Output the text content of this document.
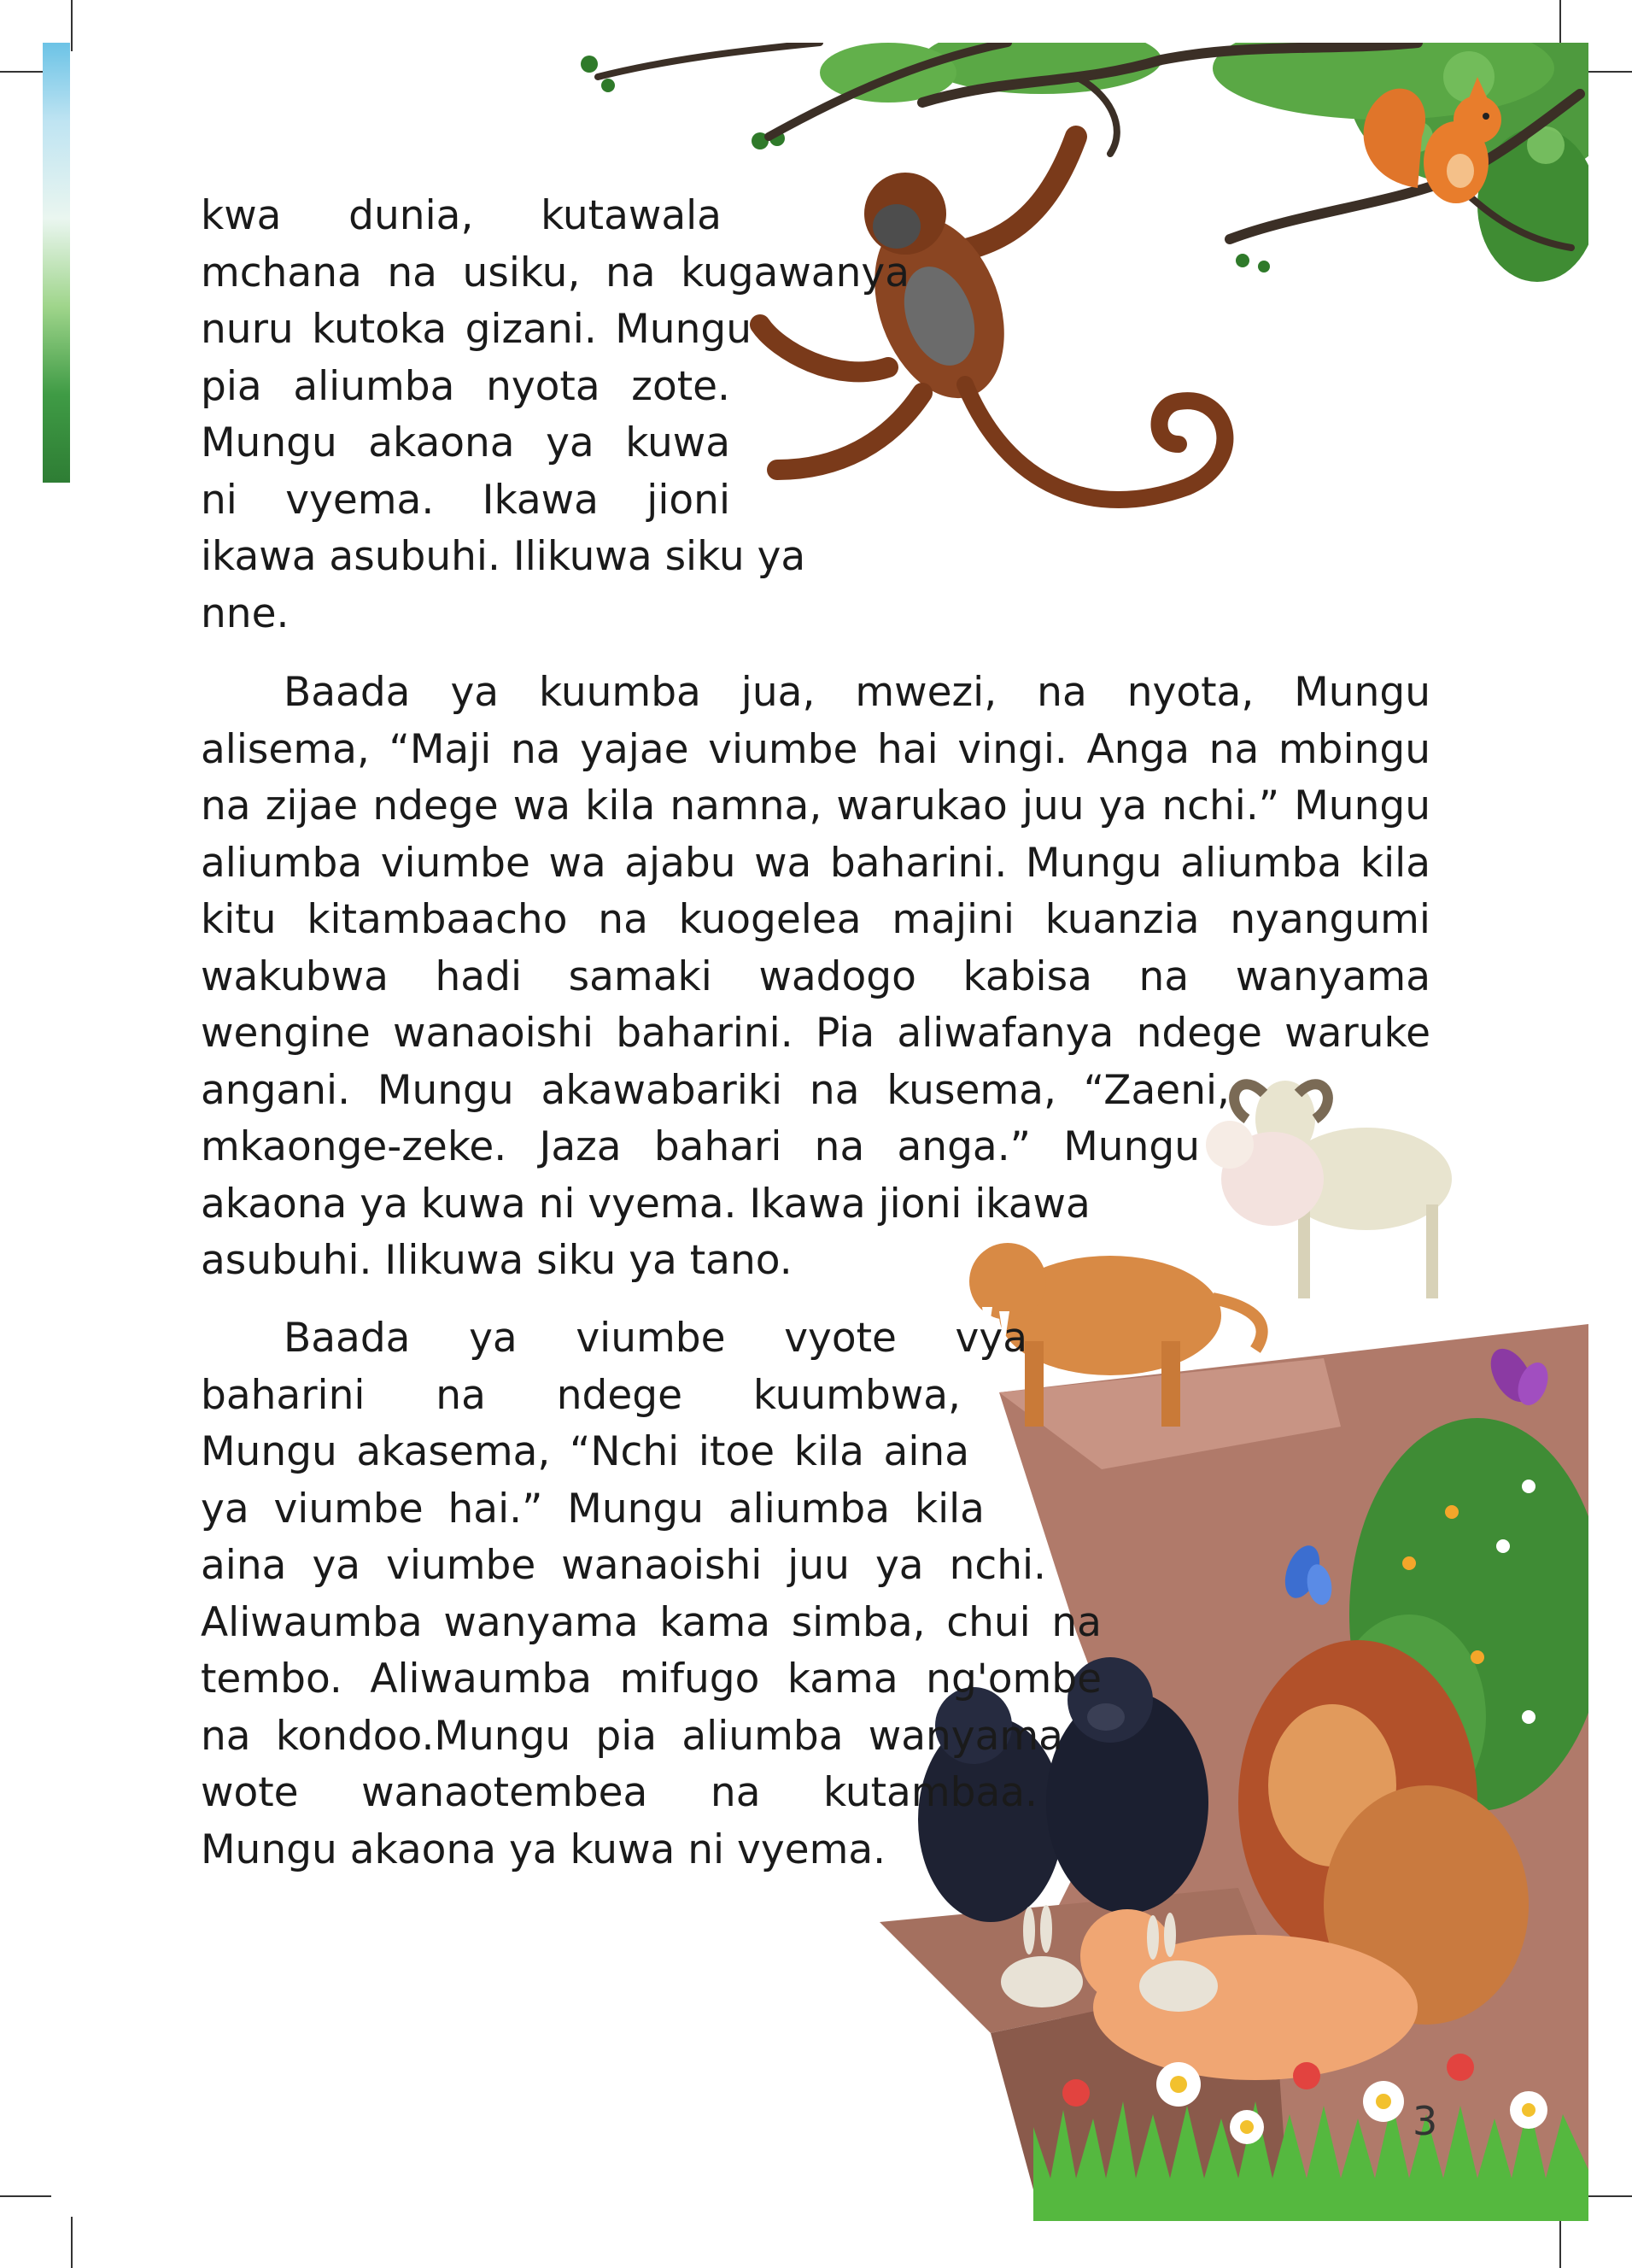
kwa dunia, kutawala
mchana na usiku, na kugawanya
nuru kutoka gizani. Mungu
pia aliumba nyota zote.
Mungu akaona ya kuwa
ni vyema. Ikawa jioni
ikawa asubuhi. Ilikuwa siku ya
nne.
Baada ya kuumba jua, mwezi, na nyota, Mungu
alisema, “Maji na yajae viumbe hai vingi. Anga na mbingu
na zijae ndege wa kila namna, warukao juu ya nchi.” Mungu
aliumba viumbe wa ajabu wa baharini. Mungu aliumba kila
kitu kitambaacho na kuogelea majini kuanzia nyangumi
wakubwa hadi samaki wadogo kabisa na wanyama
wengine wanaoishi baharini. Pia aliwafanya ndege waruke
angani. Mungu akawabariki na kusema, “Zaeni,
mkaonge-zeke. Jaza bahari na anga.” Mungu
akaona ya kuwa ni vyema. Ikawa jioni ikawa
asubuhi. Ilikuwa siku ya tano.
Baada ya viumbe vyote vya
baharini na ndege kuumbwa,
Mungu akasema, “Nchi itoe kila aina
ya viumbe hai.” Mungu aliumba kila
aina ya viumbe wanaoishi juu ya nchi.
Aliwaumba wanyama kama simba, chui na
tembo. Aliwaumba mifugo kama ng'ombe
na kondoo.Mungu pia aliumba wanyama
wote wanaotembea na kutambaa.
Mungu akaona ya kuwa ni vyema.
3
